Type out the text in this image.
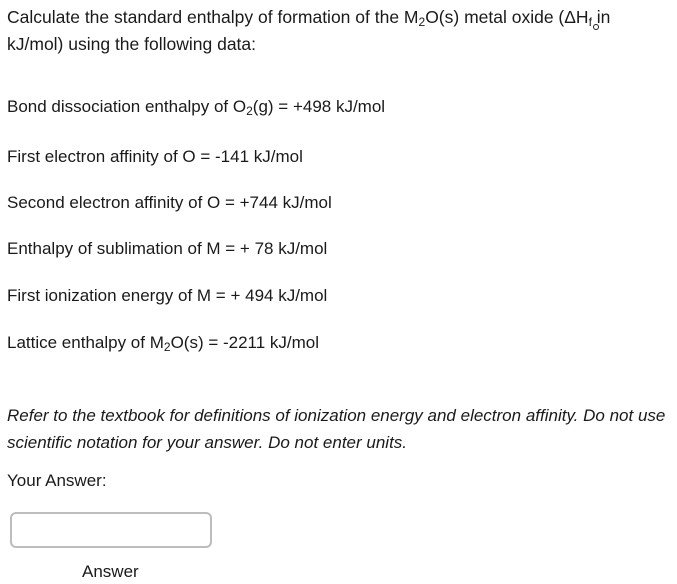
Calculate the standard enthalpy of formation of the $M_2O(s)$ metal oxide ($\Delta H_f$ in kJ/mol) using the following data:

Bond dissociation enthalpy of $O_2(g) = +498$ kJ/mol

First electron affinity of O = -141 kJ/mol

Second electron affinity of O = +744 kJ/mol

Enthalpy of sublimation of M = + 78 kJ/mol

First ionization energy of M = + 494 kJ/mol

Lattice enthalpy of $M_2O(s) = -2211$ kJ/mol

Refer to the textbook for definitions of ionization energy and electron affinity. Do not use scientific notation for your answer. Do not enter units.

Your Answer:

Answer
